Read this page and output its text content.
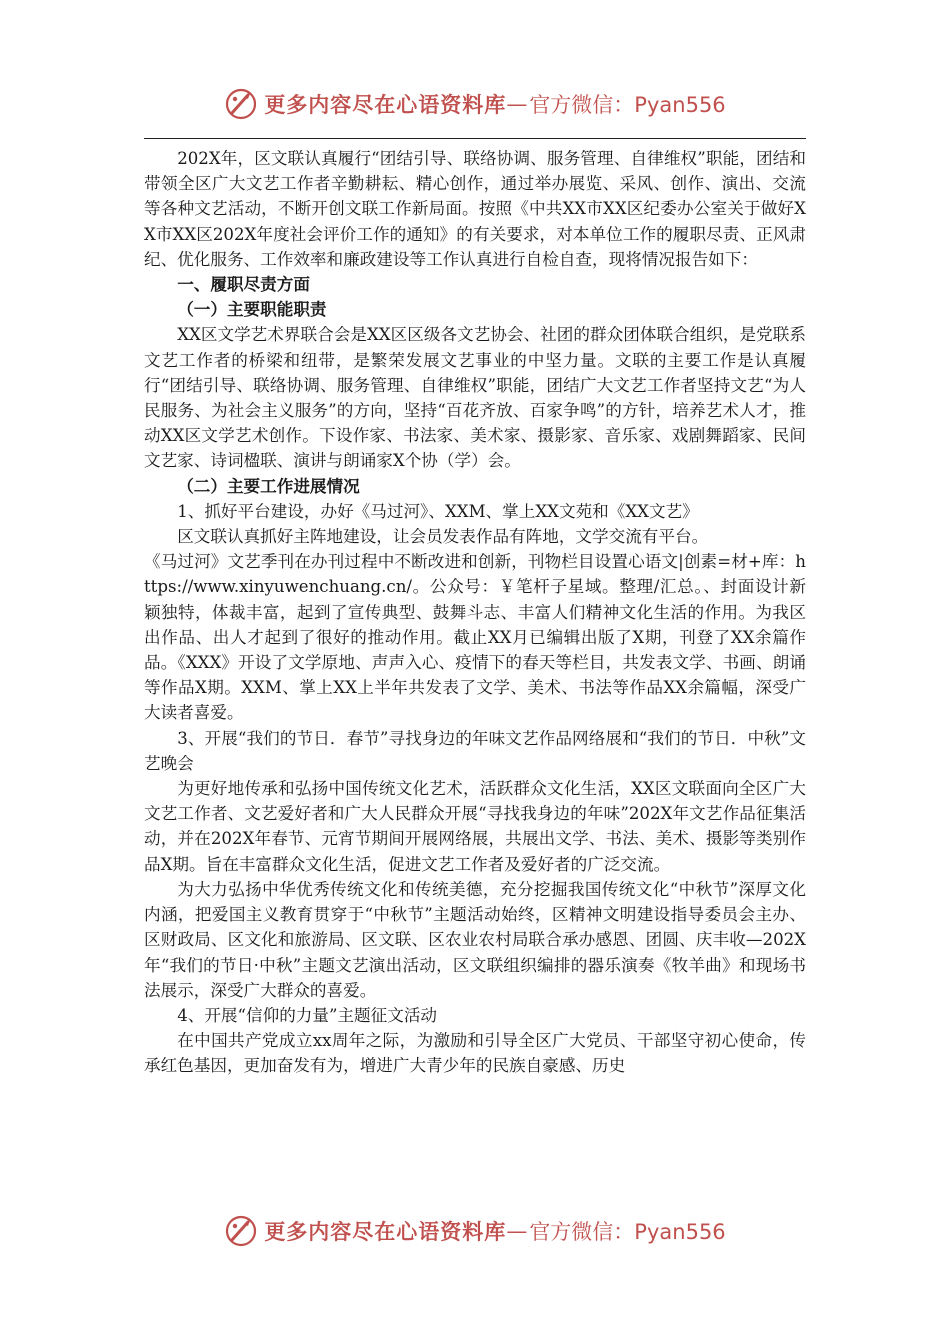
更多内容尽在心语资料库 — 官方微信：Pyan556

202X年，区文联认真履行“团结引导、联络协调、服务管理、自律维权”职能，团结和带领全区广大文艺工作者辛勤耕耘、精心创作，通过举办展览、采风、创作、演出、交流等各种文艺活动，不断开创文联工作新局面。按照《中共XX市XX区纪委办公室关于做好XX市XX区202X年度社会评价工作的通知》的有关要求，对本单位工作的履职尽责、正风肃纪、优化服务、工作效率和廉政建设等工作认真进行自检自查，现将情况报告如下：

一、履职尽责方面
（一）主要职能职责

XX区文学艺术界联合会是XX区区级各文艺协会、社团的群众团体联合组织，是党联系文艺工作者的桥梁和纽带，是繁荣发展文艺事业的中坚力量。文联的主要工作是认真履行“团结引导、联络协调、服务管理、自律维权”职能，团结广大文艺工作者坚持文艺“为人民服务、为社会主义服务”的方向，坚持“百花齐放、百家争鸣”的方针，培养艺术人才，推动XX区文学艺术创作。下设作家、书法家、美术家、摄影家、音乐家、戏剧舞蹈家、民间文艺家、诗词楹联、演讲与朗诵家X个协（学）会。

（二）主要工作进展情况

1、抓好平台建设，办好《马过河》、XXM、掌上XX文苑和《XX文艺》

区文联认真抓好主阵地建设，让会员发表作品有阵地，文学交流有平台。

《马过河》文艺季刊在办刊过程中不断改进和创新，刊物栏目设置心语文|创素=材+库：https://www.xinyuwenchuang.cn/。公众号：￥笔杆子星域。整理/汇总。、封面设计新颖独特，体裁丰富，起到了宣传典型、鼓舞斗志、丰富人们精神文化生活的作用。为我区出作品、出人才起到了很好的推动作用。截止XX月已编辑出版了X期，刊登了XX余篇作品。《XXX》开设了文学原地、声声入心、疫情下的春天等栏目，共发表文学、书画、朗诵等作品X期。XXM、掌上XX上半年共发表了文学、美术、书法等作品XX余篇幅，深受广大读者喜爱。

3、开展“我们的节日．春节”寻找身边的年味文艺作品网络展和“我们的节日．中秋”文艺晚会

为更好地传承和弘扬中国传统文化艺术，活跃群众文化生活，XX区文联面向全区广大文艺工作者、文艺爱好者和广大人民群众开展“寻找我身边的年味”202X年文艺作品征集活动，并在202X年春节、元宵节期间开展网络展，共展出文学、书法、美术、摄影等类别作品X期。旨在丰富群众文化生活，促进文艺工作者及爱好者的广泛交流。

为大力弘扬中华优秀传统文化和传统美德，充分挖掘我国传统文化“中秋节”深厚文化内涵，把爱国主义教育贯穿于“中秋节”主题活动始终，区精神文明建设指导委员会主办、区财政局、区文化和旅游局、区文联、区农业农村局联合承办感恩、团圆、庆丰收—202X年“我们的节日·中秋”主题文艺演出活动，区文联组织编排的器乐演奏《牧羊曲》和现场书法展示，深受广大群众的喜爱。

4、开展“信仰的力量”主题征文活动

在中国共产党成立xx周年之际，为激励和引导全区广大党员、干部坚守初心使命，传承红色基因，更加奋发有为，增进广大青少年的民族自豪感、历史

更多内容尽在心语资料库 — 官方微信：Pyan556
